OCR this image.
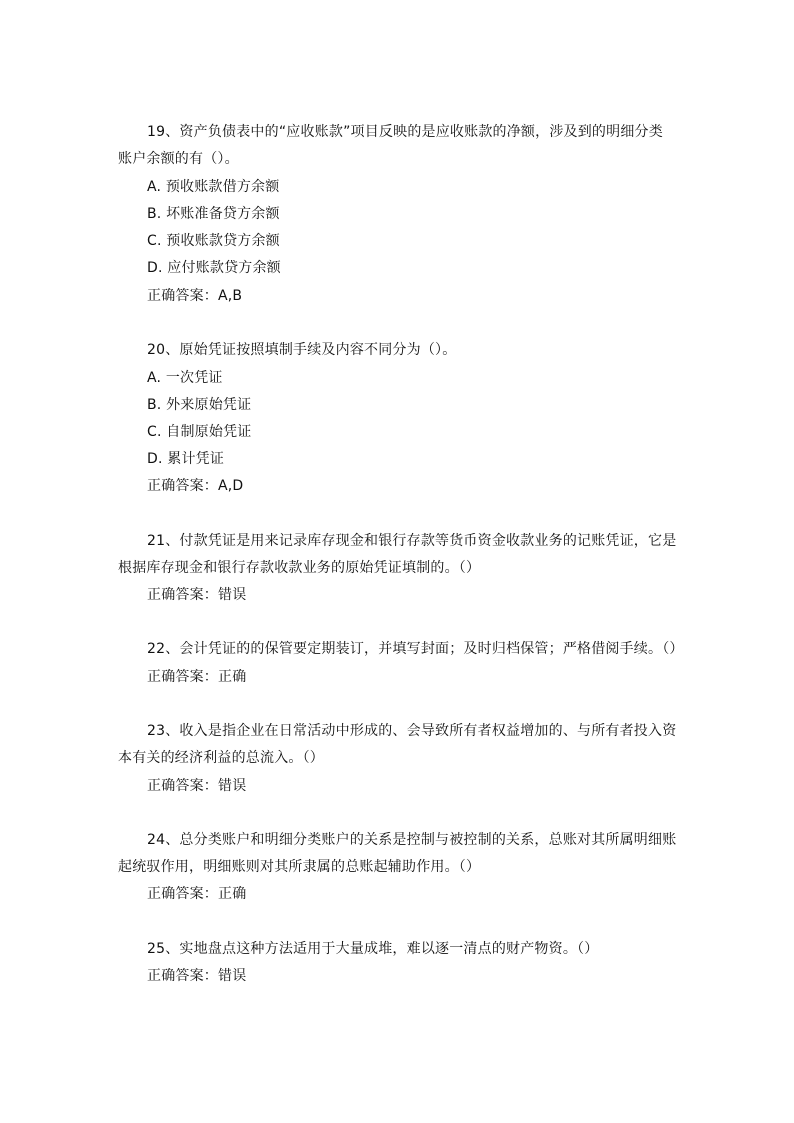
19、资产负债表中的“应收账款”项目反映的是应收账款的净额，涉及到的明细分类
账户余额的有（）。
A. 预收账款借方余额
B. 坏账准备贷方余额
C. 预收账款贷方余额
D. 应付账款贷方余额
正确答案：A,B
20、原始凭证按照填制手续及内容不同分为（）。
A. 一次凭证
B. 外来原始凭证
C. 自制原始凭证
D. 累计凭证
正确答案：A,D
21、付款凭证是用来记录库存现金和银行存款等货币资金收款业务的记账凭证，它是
根据库存现金和银行存款收款业务的原始凭证填制的。（）
正确答案：错误
22、会计凭证的的保管要定期装订，并填写封面；及时归档保管；严格借阅手续。（）
正确答案：正确
23、收入是指企业在日常活动中形成的、会导致所有者权益增加的、与所有者投入资
本有关的经济利益的总流入。（）
正确答案：错误
24、总分类账户和明细分类账户的关系是控制与被控制的关系，总账对其所属明细账
起统驭作用，明细账则对其所隶属的总账起辅助作用。（）
正确答案：正确
25、实地盘点这种方法适用于大量成堆，难以逐一清点的财产物资。（）
正确答案：错误
